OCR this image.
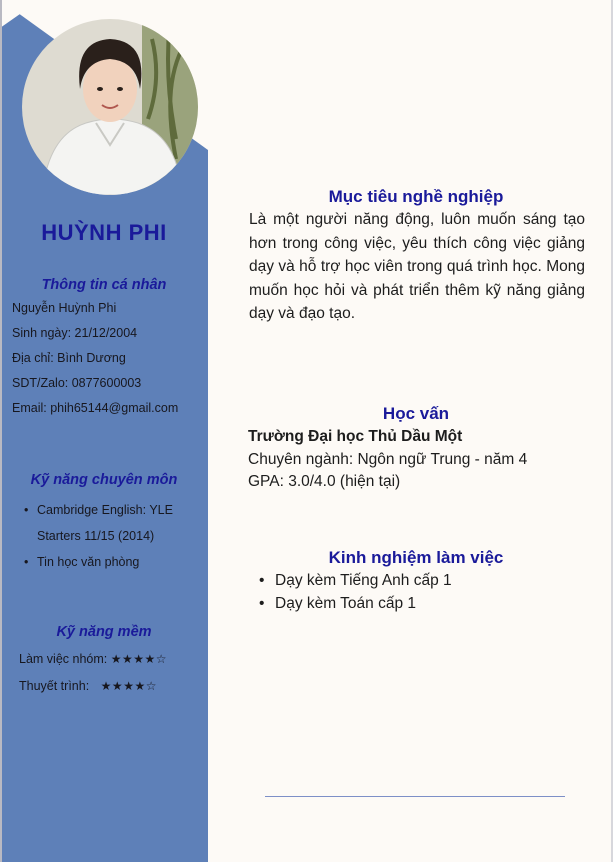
HUỲNH PHI
Thông tin cá nhân
Nguyễn Huỳnh Phi
Sinh ngày: 21/12/2004
Địa chỉ: Bình Dương
SDT/Zalo: 0877600003
Email: phih65144@gmail.com
Kỹ năng chuyên môn
• Cambridge English: YLE
Starters 11/15 (2014)
• Tin học văn phòng
Kỹ năng mềm
Làm việc nhóm: ★★★★☆
Thuyết trình: ★★★★☆
Mục tiêu nghề nghiệp
Là một người năng động, luôn muốn sáng tạo hơn trong công việc, yêu thích công việc giảng dạy và hỗ trợ học viên trong quá trình học. Mong muốn học hỏi và phát triển thêm kỹ năng giảng dạy và đạo tạo.
Học vấn
Trường Đại học Thủ Dầu Một
Chuyên ngành: Ngôn ngữ Trung - năm 4
GPA: 3.0/4.0 (hiện tại)
Kinh nghiệm làm việc
• Dạy kèm Tiếng Anh cấp 1
• Dạy kèm Toán cấp 1
